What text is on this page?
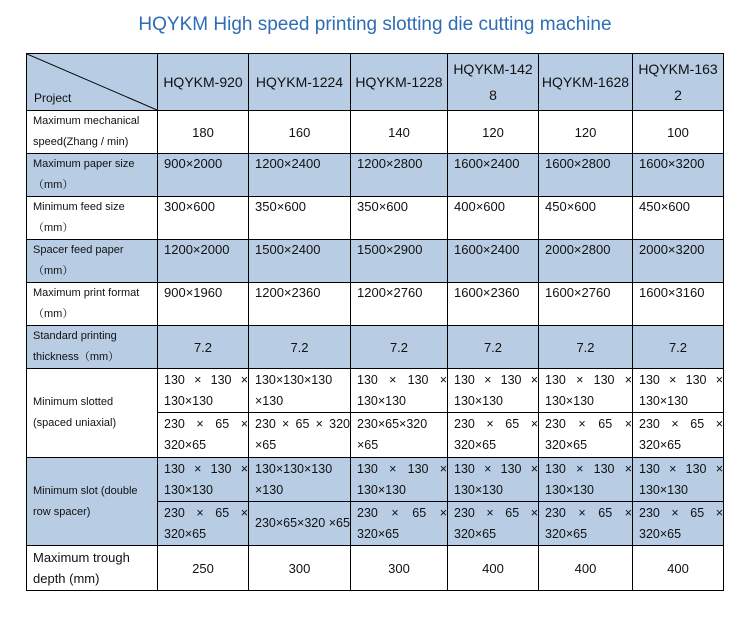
HQYKM High speed printing slotting die cutting machine
Project	HQYKM-920	HQYKM-1224	HQYKM-1228	HQYKM-1428	HQYKM-1628	HQYKM-1632
Maximum mechanical speed(Zhang / min)	180	160	140	120	120	100

Maximum paper size
（mm）	900×2000	1200×2400	1200×2800	1600×2400	1600×2800	1600×3200

Minimum feed size
（mm）	300×600	350×600	350×600	400×600	450×600	450×600

Spacer feed paper
（mm）	1200×2000	1500×2400	1500×2900	1600×2400	2000×2800	2000×3200

Maximum print format
（mm）	900×1960	1200×2360	1200×2760	1600×2360	1600×2760	1600×3160

Standard printing
thickness（mm）	7.2	7.2	7.2	7.2	7.2	7.2

Minimum slotted
(spaced uniaxial)	130 × 130 × 130×130	130×130×130 ×130	130 × 130 × 130×130	130 × 130 × 130×130	130 × 130 × 130×130	130 × 130 × 130×130
	230 × 65 × 320×65	230 × 65 × 320 ×65	230×65×320 ×65	230 × 65 × 320×65	230 × 65 × 320×65	230 × 65 × 320×65

Minimum slot (double
row spacer)	130 × 130 × 130×130	130×130×130 ×130	130 × 130 × 130×130	130 × 130 × 130×130	130 × 130 × 130×130	130 × 130 × 130×130
	230 × 65 × 320×65	230×65×320 ×65	230 × 65 × 320×65	230 × 65 × 320×65	230 × 65 × 320×65	230 × 65 × 320×65

Maximum trough
depth (mm)	250	300	300	400	400	400
